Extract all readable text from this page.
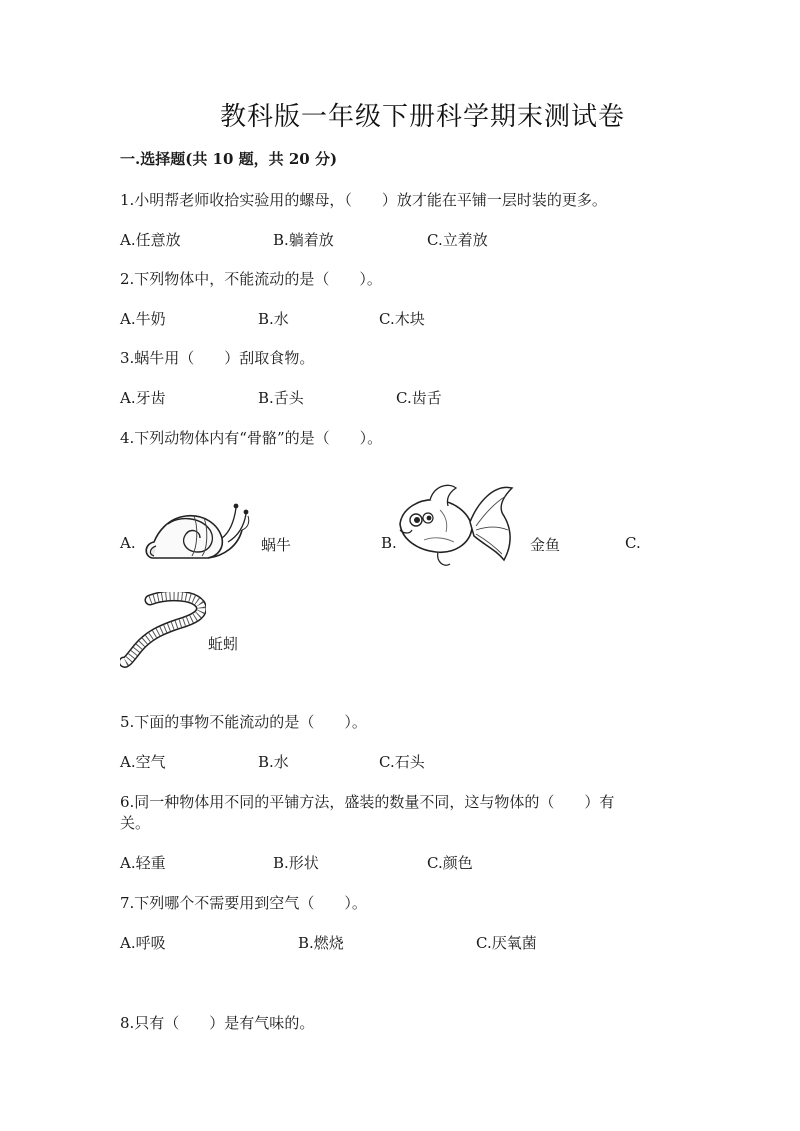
教科版一年级下册科学期末测试卷
一.选择题(共 10 题，共 20 分)
1.小明帮老师收拾实验用的螺母，（　　）放才能在平铺一层时装的更多。
A.任意放	B.躺着放	C.立着放
2.下列物体中，不能流动的是（　　）。
A.牛奶	B.水	C.木块
3.蜗牛用（　　）刮取食物。
A.牙齿	B.舌头	C.齿舌
4.下列动物体内有“骨骼”的是（　　）。
A.	蜗牛	B.	金鱼	C.
蚯蚓
5.下面的事物不能流动的是（　　）。
A.空气	B.水	C.石头
6.同一种物体用不同的平铺方法，盛装的数量不同，这与物体的（　　）有
关。
A.轻重	B.形状	C.颜色
7.下列哪个不需要用到空气（　　）。
A.呼吸	B.燃烧	C.厌氧菌
8.只有（　　）是有气味的。
